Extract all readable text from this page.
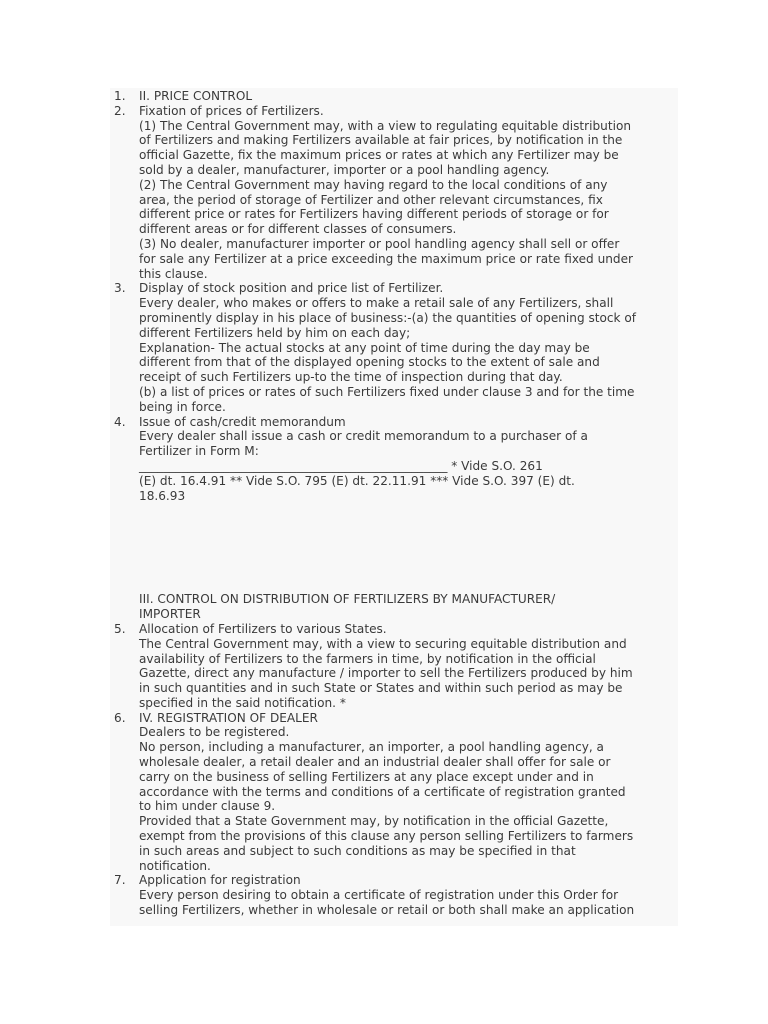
1.	II. PRICE CONTROL
2.	Fixation of prices of Fertilizers.
(1) The Central Government may, with a view to regulating equitable distribution
of Fertilizers and making Fertilizers available at fair prices, by notification in the
official Gazette, fix the maximum prices or rates at which any Fertilizer may be
sold by a dealer, manufacturer, importer or a pool handling agency.
(2) The Central Government may having regard to the local conditions of any
area, the period of storage of Fertilizer and other relevant circumstances, fix
different price or rates for Fertilizers having different periods of storage or for
different areas or for different classes of consumers.
(3) No dealer, manufacturer importer or pool handling agency shall sell or offer
for sale any Fertilizer at a price exceeding the maximum price or rate fixed under
this clause.
3.	Display of stock position and price list of Fertilizer.
Every dealer, who makes or offers to make a retail sale of any Fertilizers, shall
prominently display in his place of business:-(a) the quantities of opening stock of
different Fertilizers held by him on each day;
Explanation- The actual stocks at any point of time during the day may be
different from that of the displayed opening stocks to the extent of sale and
receipt of such Fertilizers up-to the time of inspection during that day.
(b) a list of prices or rates of such Fertilizers fixed under clause 3 and for the time
being in force.
4.	Issue of cash/credit memorandum
Every dealer shall issue a cash or credit memorandum to a purchaser of a
Fertilizer in Form M:
___________________________________________________ * Vide S.O. 261
(E) dt. 16.4.91 ** Vide S.O. 795 (E) dt. 22.11.91 *** Vide S.O. 397 (E) dt.
18.6.93
III. CONTROL ON DISTRIBUTION OF FERTILIZERS BY MANUFACTURER/
IMPORTER
5.	Allocation of Fertilizers to various States.
The Central Government may, with a view to securing equitable distribution and
availability of Fertilizers to the farmers in time, by notification in the official
Gazette, direct any manufacture / importer to sell the Fertilizers produced by him
in such quantities and in such State or States and within such period as may be
specified in the said notification. *
6.	IV. REGISTRATION OF DEALER
Dealers to be registered.
No person, including a manufacturer, an importer, a pool handling agency, a
wholesale dealer, a retail dealer and an industrial dealer shall offer for sale or
carry on the business of selling Fertilizers at any place except under and in
accordance with the terms and conditions of a certificate of registration granted
to him under clause 9.
Provided that a State Government may, by notification in the official Gazette,
exempt from the provisions of this clause any person selling Fertilizers to farmers
in such areas and subject to such conditions as may be specified in that
notification.
7.	Application for registration
Every person desiring to obtain a certificate of registration under this Order for
selling Fertilizers, whether in wholesale or retail or both shall make an application
